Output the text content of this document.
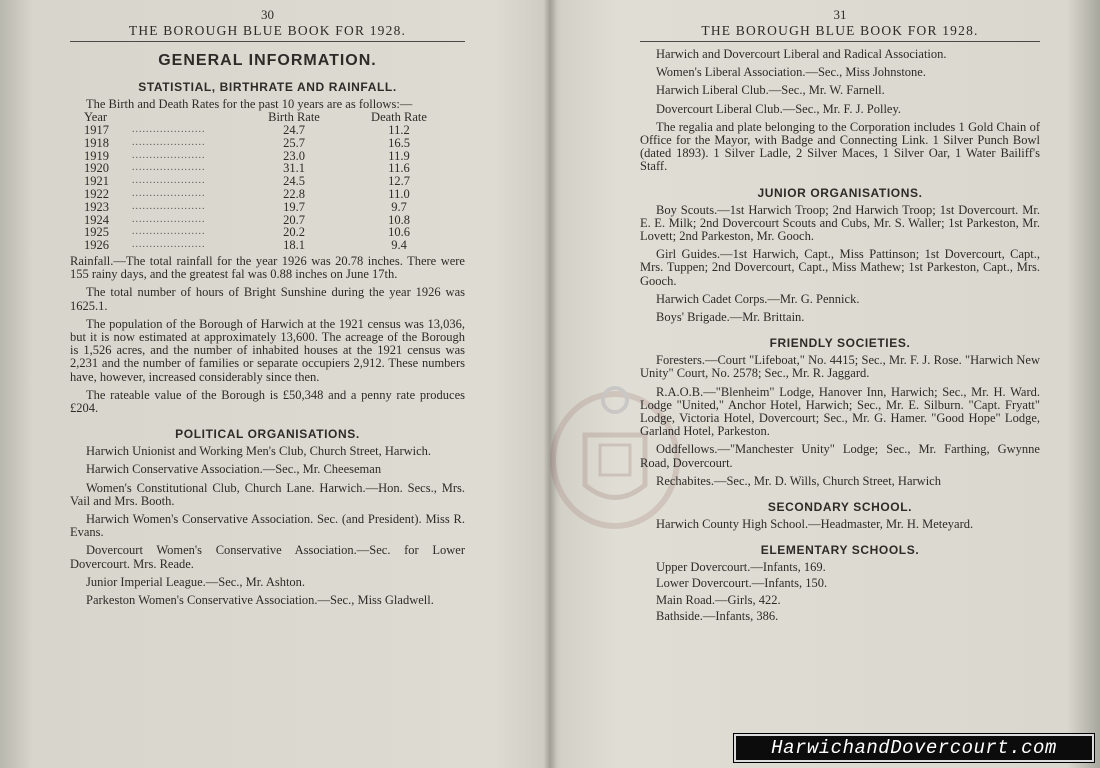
30
THE BOROUGH BLUE BOOK FOR 1928.
GENERAL INFORMATION.
STATISTIAL, BIRTHRATE AND RAINFALL.

The Birth and Death Rates for the past 10 years are as follows:—

Year		Birth Rate	Death Rate
1917	.....................	24.7	11.2
1918	.....................	25.7	16.5
1919	.....................	23.0	11.9
1920	.....................	31.1	11.6
1921	.....................	24.5	12.7
1922	.....................	22.8	11.0
1923	.....................	19.7	9.7
1924	.....................	20.7	10.8
1925	.....................	20.2	10.6
1926	.....................	18.1	9.4

Rainfall.—The total rainfall for the year 1926 was 20.78 inches. There were 155 rainy days, and the greatest fal was 0.88 inches on June 17th.

The total number of hours of Bright Sunshine during the year 1926 was 1625.1.

The population of the Borough of Harwich at the 1921 census was 13,036, but it is now estimated at approximately 13,600. The acreage of the Borough is 1,526 acres, and the number of inhabited houses at the 1921 census was 2,231 and the number of families or separate occupiers 2,912. These numbers have, however, increased considerably since then.

The rateable value of the Borough is £50,348 and a penny rate produces £204.

POLITICAL ORGANISATIONS.

Harwich Unionist and Working Men's Club, Church Street, Harwich.

Harwich Conservative Association.—Sec., Mr. Cheeseman

Women's Constitutional Club, Church Lane. Harwich.—Hon. Secs., Mrs. Vail and Mrs. Booth.

Harwich Women's Conservative Association. Sec. (and President). Miss R. Evans.

Dovercourt Women's Conservative Association.—Sec. for Lower Dovercourt. Mrs. Reade.

Junior Imperial League.—Sec., Mr. Ashton.

Parkeston Women's Conservative Association.—Sec., Miss Gladwell.

31
THE BOROUGH BLUE BOOK FOR 1928.

Harwich and Dovercourt Liberal and Radical Association.

Women's Liberal Association.—Sec., Miss Johnstone.

Harwich Liberal Club.—Sec., Mr. W. Farnell.

Dovercourt Liberal Club.—Sec., Mr. F. J. Polley.

The regalia and plate belonging to the Corporation includes 1 Gold Chain of Office for the Mayor, with Badge and Connecting Link. 1 Silver Punch Bowl (dated 1893). 1 Silver Ladle, 2 Silver Maces, 1 Silver Oar, 1 Water Bailiff's Staff.

JUNIOR ORGANISATIONS.

Boy Scouts.—1st Harwich Troop; 2nd Harwich Troop; 1st Dovercourt. Mr. E. E. Milk; 2nd Dovercourt Scouts and Cubs, Mr. S. Waller; 1st Parkeston, Mr. Lovett; 2nd Parkeston, Mr. Gooch.

Girl Guides.—1st Harwich, Capt., Miss Pattinson; 1st Dovercourt, Capt., Mrs. Tuppen; 2nd Dovercourt, Capt., Miss Mathew; 1st Parkeston, Capt., Mrs. Gooch.

Harwich Cadet Corps.—Mr. G. Pennick.

Boys' Brigade.—Mr. Brittain.

FRIENDLY SOCIETIES.

Foresters.—Court "Lifeboat," No. 4415; Sec., Mr. F. J. Rose. "Harwich New Unity" Court, No. 2578; Sec., Mr. R. Jaggard.

R.A.O.B.—"Blenheim" Lodge, Hanover Inn, Harwich; Sec., Mr. H. Ward. Lodge "United," Anchor Hotel, Harwich; Sec., Mr. E. Silburn. "Capt. Fryatt" Lodge, Victoria Hotel, Dovercourt; Sec., Mr. G. Hamer. "Good Hope" Lodge, Garland Hotel, Parkeston.

Oddfellows.—"Manchester Unity" Lodge; Sec., Mr. Farthing, Gwynne Road, Dovercourt.

Rechabites.—Sec., Mr. D. Wills, Church Street, Harwich

SECONDARY SCHOOL.

Harwich County High School.—Headmaster, Mr. H. Meteyard.

ELEMENTARY SCHOOLS.

Upper Dovercourt.—Infants, 169.

Lower Dovercourt.—Infants, 150.

Main Road.—Girls, 422.

Bathside.—Infants, 386.

HarwichandDovercourt.com
